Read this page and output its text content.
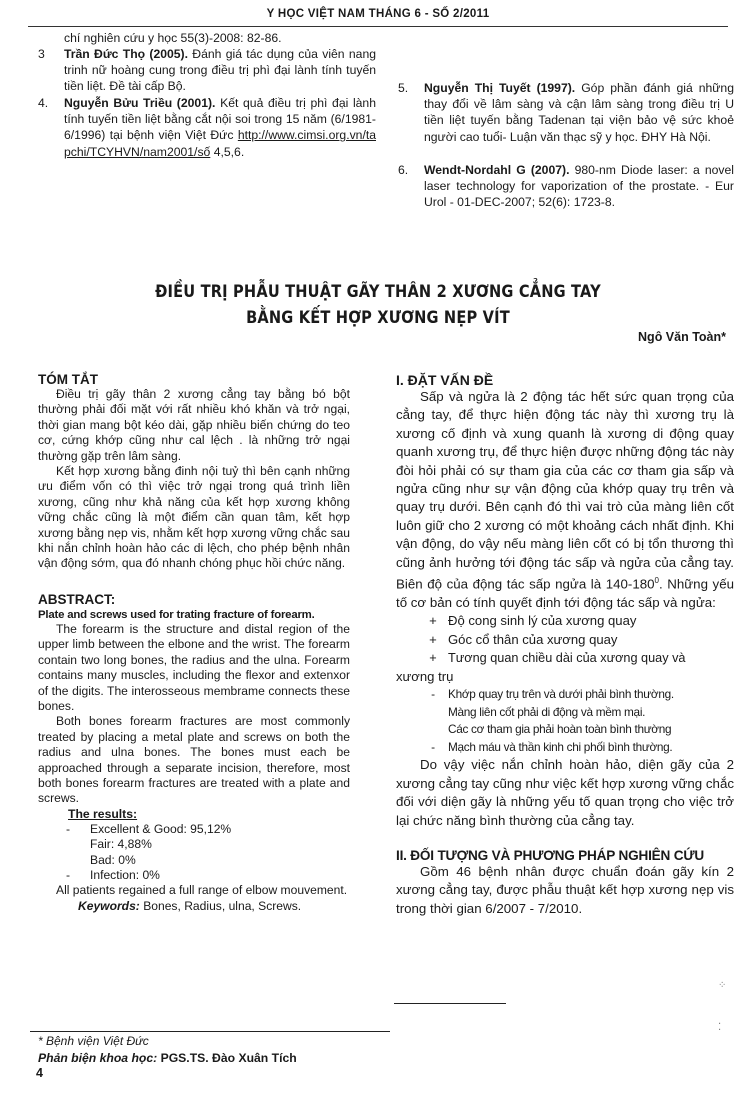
Y HỌC VIỆT NAM THÁNG 6 - SỐ 2/2011
chí nghiên cứu y học 55(3)-2008: 82-86.
3 Trần Đức Thọ (2005). Đánh giá tác dụng của viên nang trinh nữ hoàng cung trong điều trị phì đại lành tính tuyến tiền liệt. Đề tài cấp Bộ.
4. Nguyễn Bửu Triều (2001). Kết quả điều trị phì đại lành tính tuyến tiền liệt bằng cắt nội soi trong 15 năm (6/1981-6/1996) tại bệnh viện Việt Đức http://www.cimsi.org.vn/tapchi/TCYHVN/nam2001/số 4,5,6.
5. Nguyễn Thị Tuyết (1997). Góp phần đánh giá những thay đổi về lâm sàng và cận lâm sàng trong điều trị U tiền liệt tuyến bằng Tadenan tại viện bảo vệ sức khoẻ người cao tuổi- Luận văn thạc sỹ y học. ĐHY Hà Nội.
6. Wendt-Nordahl G (2007). 980-nm Diode laser: a novel laser technology for vaporization of the prostate. - Eur Urol - 01-DEC-2007; 52(6): 1723-8.
ĐIỀU TRỊ PHẪU THUẬT GÃY THÂN 2 XƯƠNG CẲNG TAY
BẰNG KẾT HỢP XƯƠNG NẸP VÍT
Ngô Văn Toàn*
TÓM TẮT

Điều trị gãy thân 2 xương cẳng tay bằng bó bột thường phải đối mặt với rất nhiều khó khăn và trở ngại, thời gian mang bột kéo dài, gặp nhiều biến chứng do teo cơ, cứng khớp cũng như cal lệch . là những trở ngại thường gặp trên lâm sàng.

Kết hợp xương bằng đinh nội tuỷ thì bên cạnh những ưu điểm vốn có thì việc trở ngại trong quá trình liền xương, cũng như khả năng của kết hợp xương không vững chắc cũng là một điểm cần quan tâm, kết hợp xương bằng nẹp vis, nhằm kết hợp xương vững chắc sau khi nắn chỉnh hoàn hảo các di lệch, cho phép bệnh nhân vận động sớm, qua đó nhanh chóng phục hồi chức năng.

ABSTRACT:
Plate and screws used for trating fracture of forearm.

The forearm is the structure and distal region of the upper limb between the elbone and the wrist. The forearm contain two long bones, the radius and the ulna. Forearm contains many muscles, including the flexor and extenxor of the digits. The interosseous membrame connects these bones.

Both bones forearm fractures are most commonly treated by placing a metal plate and screws on both the radius and ulna bones. The bones must each be approached through a separate incision, therefore, most both bones forearm fractures are treated with a plate and screws.

The results:
- Excellent & Good: 95,12%
Fair: 4,88%
Bad: 0%
- Infection: 0%

All patients regained a full range of elbow mouvement.

Keywords: Bones, Radius, ulna, Screws.
* Bệnh viện Việt Đức
Phản biện khoa học: PGS.TS. Đào Xuân Tích
4
I. ĐẶT VẤN ĐỀ

Sấp và ngửa là 2 động tác hết sức quan trọng của cẳng tay, để thực hiện động tác này thì xương trụ là xương cố định và xung quanh là xương di động quay quanh xương trụ, để thực hiện được những động tác này đòi hỏi phải có sự tham gia của các cơ tham gia sấp và ngửa cũng như sự vận động của khớp quay trụ trên và quay trụ dưới. Bên cạnh đó thì vai trò của màng liên cốt luôn giữ cho 2 xương có một khoảng cách nhất định. Khi vận động, do vậy nếu màng liên cốt có bị tổn thương thì cũng ảnh hưởng tới động tác sấp và ngửa của cẳng tay. Biên độ của động tác sấp ngửa là $140-180^0$. Những yếu tố cơ bản có tính quyết định tới động tác sấp và ngửa:

+ Độ cong sinh lý của xương quay
+ Góc cổ thân của xương quay
+ Tương quan chiều dài của xương quay và
xương trụ
- Khớp quay trụ trên và dưới phải bình thường.
Màng liên cốt phải di động và mềm mại.
Các cơ tham gia phải hoàn toàn bình thường
- Mạch máu và thần kinh chi phối bình thường.

Do vậy việc nắn chỉnh hoàn hảo, diện gãy của 2 xương cẳng tay cũng như việc kết hợp xương vững chắc đối với diện gãy là những yếu tố quan trọng cho việc trở lại chức năng bình thường của cẳng tay.

II. ĐỐI TƯỢNG VÀ PHƯƠNG PHÁP NGHIÊN CỨU

Gồm 46 bệnh nhân được chuẩn đoán gãy kín 2 xương cẳng tay, được phẫu thuật kết hợp xương nẹp vis trong thời gian 6/2007 - 7/2010.

⁘
⁚
